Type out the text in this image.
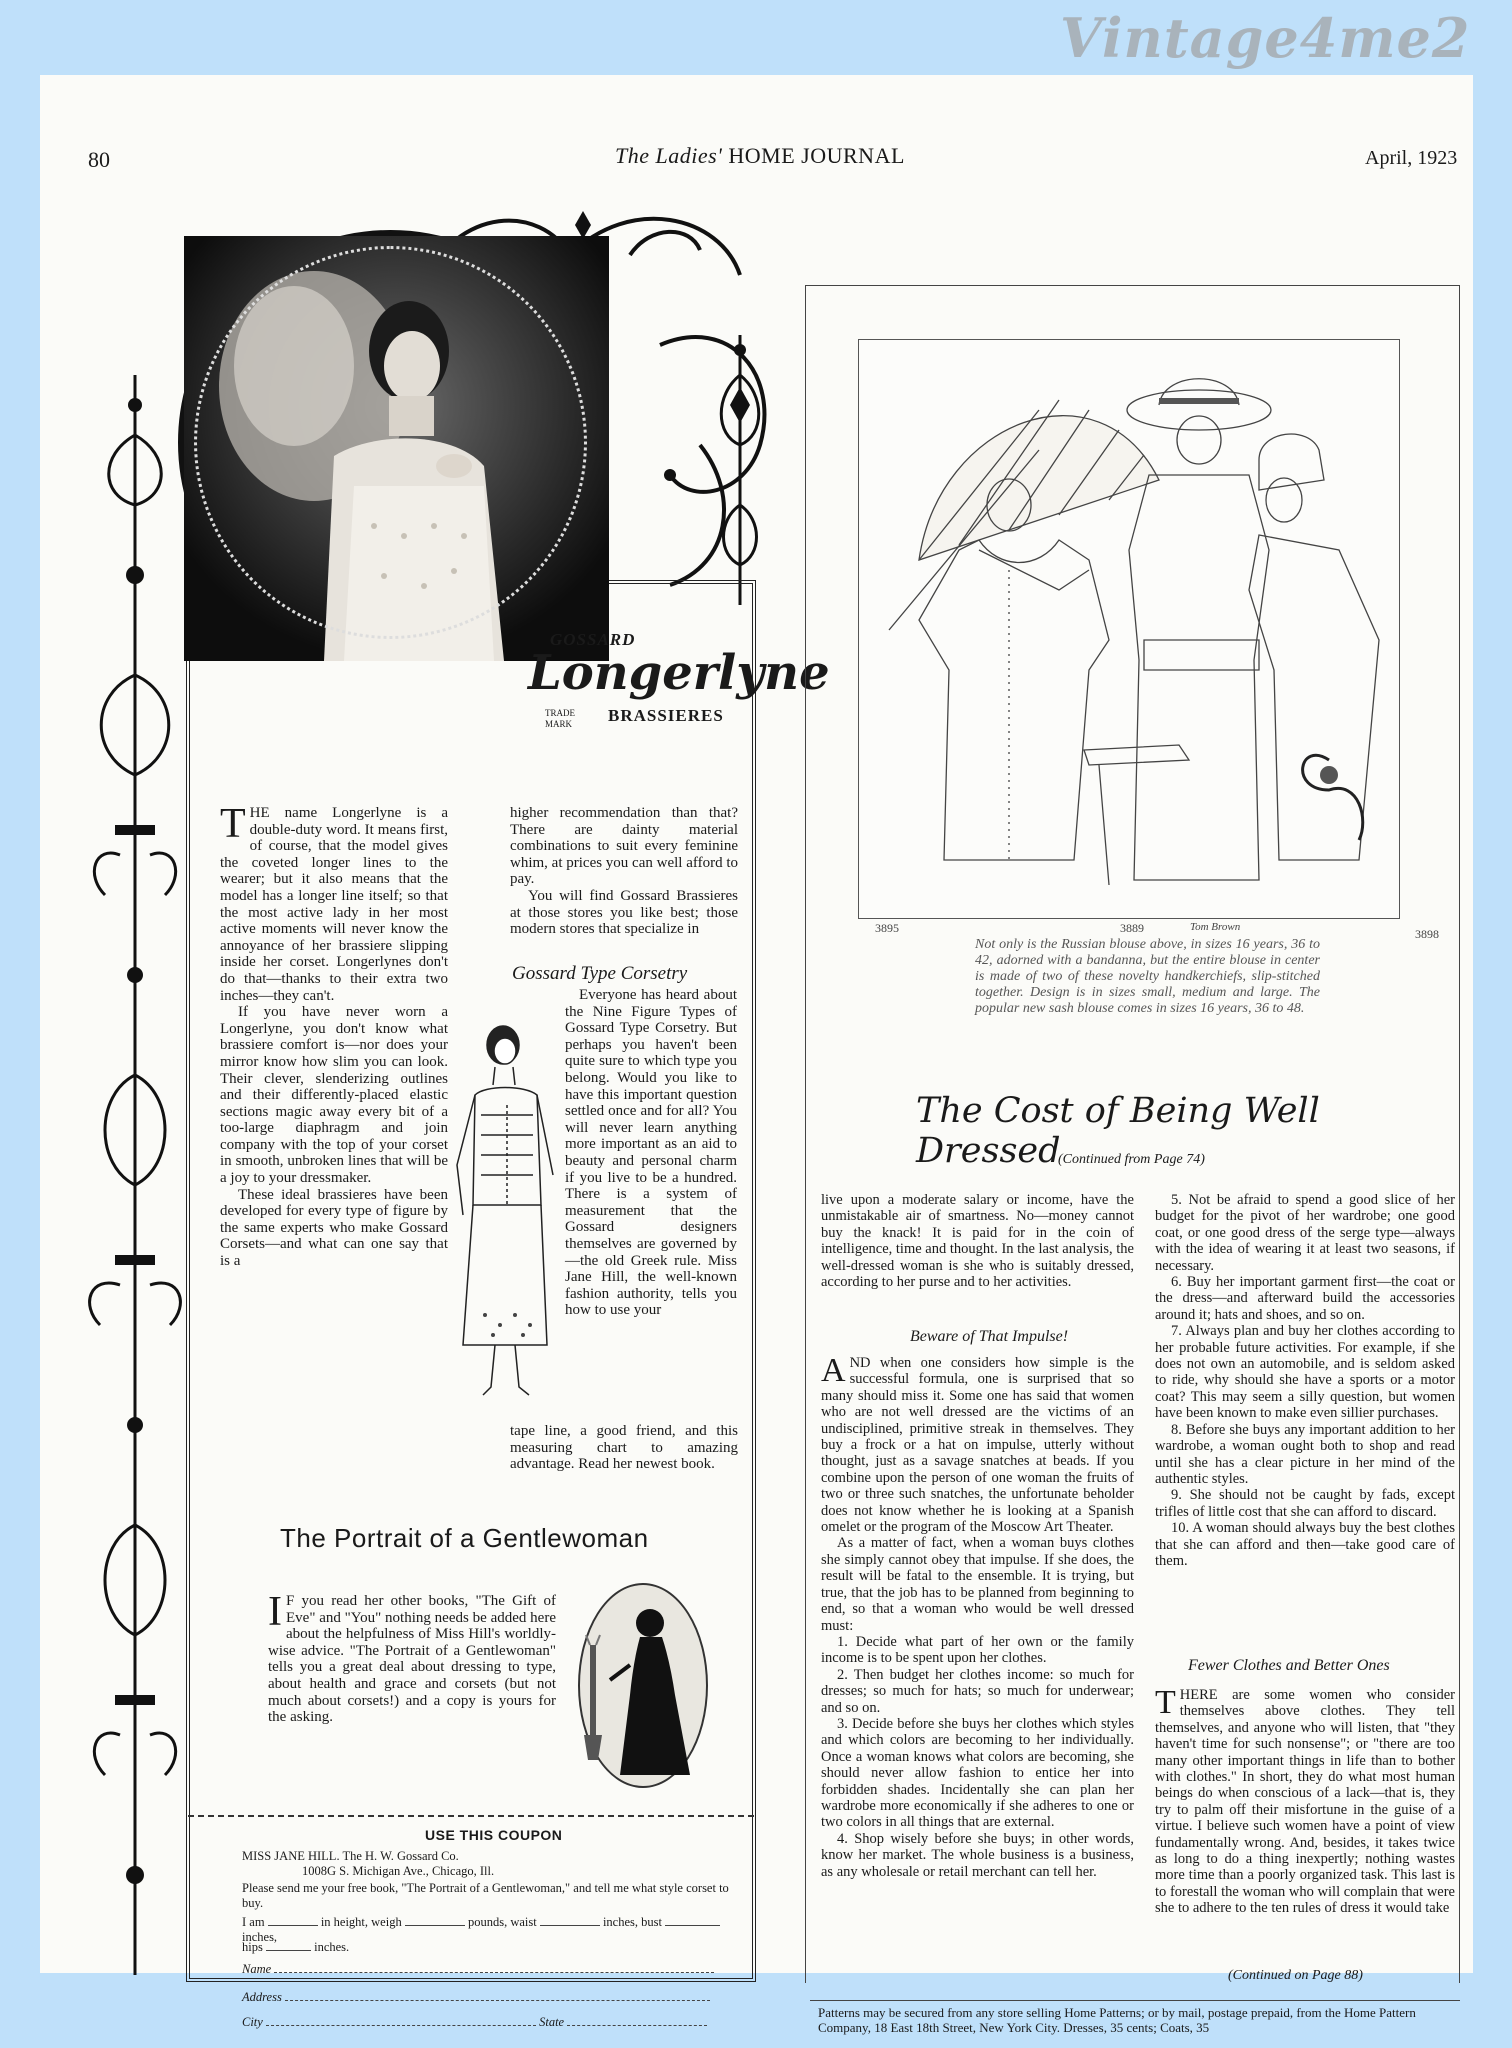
Vintage4me2
80	The Ladies' HOME JOURNAL	April, 1923
GOSSARD
Longerlyne
TRADE MARK	BRASSIERES
THE name Longerlyne is a double-duty word. It means first, of course, that the model gives the coveted longer lines to the wearer; but it also means that the model has a longer line itself; so that the most active lady in her most active moments will never know the annoyance of her brassiere slipping inside her corset. Longerlynes don't do that—thanks to their extra two inches—they can't.

If you have never worn a Longerlyne, you don't know what brassiere comfort is—nor does your mirror know how slim you can look. Their clever, slenderizing outlines and their differently-placed elastic sections magic away every bit of a too-large diaphragm and join company with the top of your corset in smooth, unbroken lines that will be a joy to your dressmaker.

These ideal brassieres have been developed for every type of figure by the same experts who make Gossard Corsets—and what can one say that is a

higher recommendation than that? There are dainty material combinations to suit every feminine whim, at prices you can well afford to pay.

You will find Gossard Brassieres at those stores you like best; those modern stores that specialize in

Gossard Type Corsetry

Everyone has heard about the Nine Figure Types of Gossard Type Corsetry. But perhaps you haven't been quite sure to which type you belong. Would you like to have this important question settled once and for all? You will never learn anything more important as an aid to beauty and personal charm if you live to be a hundred. There is a system of measurement that the Gossard designers themselves are governed by—the old Greek rule. Miss Jane Hill, the well-known fashion authority, tells you how to use your

tape line, a good friend, and this measuring chart to amazing advantage. Read her newest book.

The Portrait of a Gentlewoman
I F you read her other books, "The Gift of Eve" and "You" nothing needs be added here about the helpfulness of Miss Hill's worldly-wise advice. "The Portrait of a Gentlewoman" tells you a great deal about dressing to type, about health and grace and corsets (but not much about corsets!) and a copy is yours for the asking.
USE THIS COUPON
MISS JANE HILL. The H. W. Gossard Co.
1008G S. Michigan Ave., Chicago, Ill.
Please send me your free book, "The Portrait of a Gentlewoman," and tell me what style corset to buy.
I am	in height, weigh	pounds, waist	inches, bust  inches,
hips	inches.
Name
Address
City	State
3895	3889	Tom Brown	3898
Not only is the Russian blouse above, in sizes 16 years, 36 to 42, adorned with a bandanna, but the entire blouse in center is made of two of these novelty handkerchiefs, slip-stitched together. Design is in sizes small, medium and large. The popular new sash blouse comes in sizes 16 years, 36 to 48.
The Cost of Being Well Dressed
(Continued from Page 74)

live upon a moderate salary or income, have the unmistakable air of smartness. No—money cannot buy the knack! It is paid for in the coin of intelligence, time and thought. In the last analysis, the well-dressed woman is she who is suitably dressed, according to her purse and to her activities.

Beware of That Impulse!
AND when one considers how simple is the successful formula, one is surprised that so many should miss it. Some one has said that women who are not well dressed are the victims of an undisciplined, primitive streak in themselves. They buy a frock or a hat on impulse, utterly without thought, just as a savage snatches at beads. If you combine upon the person of one woman the fruits of two or three such snatches, the unfortunate beholder does not know whether he is looking at a Spanish omelet or the program of the Moscow Art Theater.

As a matter of fact, when a woman buys clothes she simply cannot obey that impulse. If she does, the result will be fatal to the ensemble. It is trying, but true, that the job has to be planned from beginning to end, so that a woman who would be well dressed must:

1. Decide what part of her own or the family income is to be spent upon her clothes.

2. Then budget her clothes income: so much for dresses; so much for hats; so much for underwear; and so on.

3. Decide before she buys her clothes which styles and which colors are becoming to her individually. Once a woman knows what colors are becoming, she should never allow fashion to entice her into forbidden shades. Incidentally she can plan her wardrobe more economically if she adheres to one or two colors in all things that are external.

4. Shop wisely before she buys; in other words, know her market. The whole business is a business, as any wholesale or retail merchant can tell her.

5. Not be afraid to spend a good slice of her budget for the pivot of her wardrobe; one good coat, or one good dress of the serge type—always with the idea of wearing it at least two seasons, if necessary.

6. Buy her important garment first—the coat or the dress—and afterward build the accessories around it; hats and shoes, and so on.

7. Always plan and buy her clothes according to her probable future activities. For example, if she does not own an automobile, and is seldom asked to ride, why should she have a sports or a motor coat? This may seem a silly question, but women have been known to make even sillier purchases.

8. Before she buys any important addition to her wardrobe, a woman ought both to shop and read until she has a clear picture in her mind of the authentic styles.

9. She should not be caught by fads, except trifles of little cost that she can afford to discard.

10. A woman should always buy the best clothes that she can afford and then—take good care of them.

Fewer Clothes and Better Ones
THERE are some women who consider themselves above clothes. They tell themselves, and anyone who will listen, that "they haven't time for such nonsense"; or "there are too many other important things in life than to bother with clothes." In short, they do what most human beings do when conscious of a lack—that is, they try to palm off their misfortune in the guise of a virtue. I believe such women have a point of view fundamentally wrong. And, besides, it takes twice as long to do a thing inexpertly; nothing wastes more time than a poorly organized task. This last is to forestall the woman who will complain that were she to adhere to the ten rules of dress it would take
(Continued on Page 88)
Patterns may be secured from any store selling Home Patterns; or by mail, postage prepaid, from the Home Pattern Company, 18 East 18th Street, New York City. Dresses, 35 cents; Coats, 35
